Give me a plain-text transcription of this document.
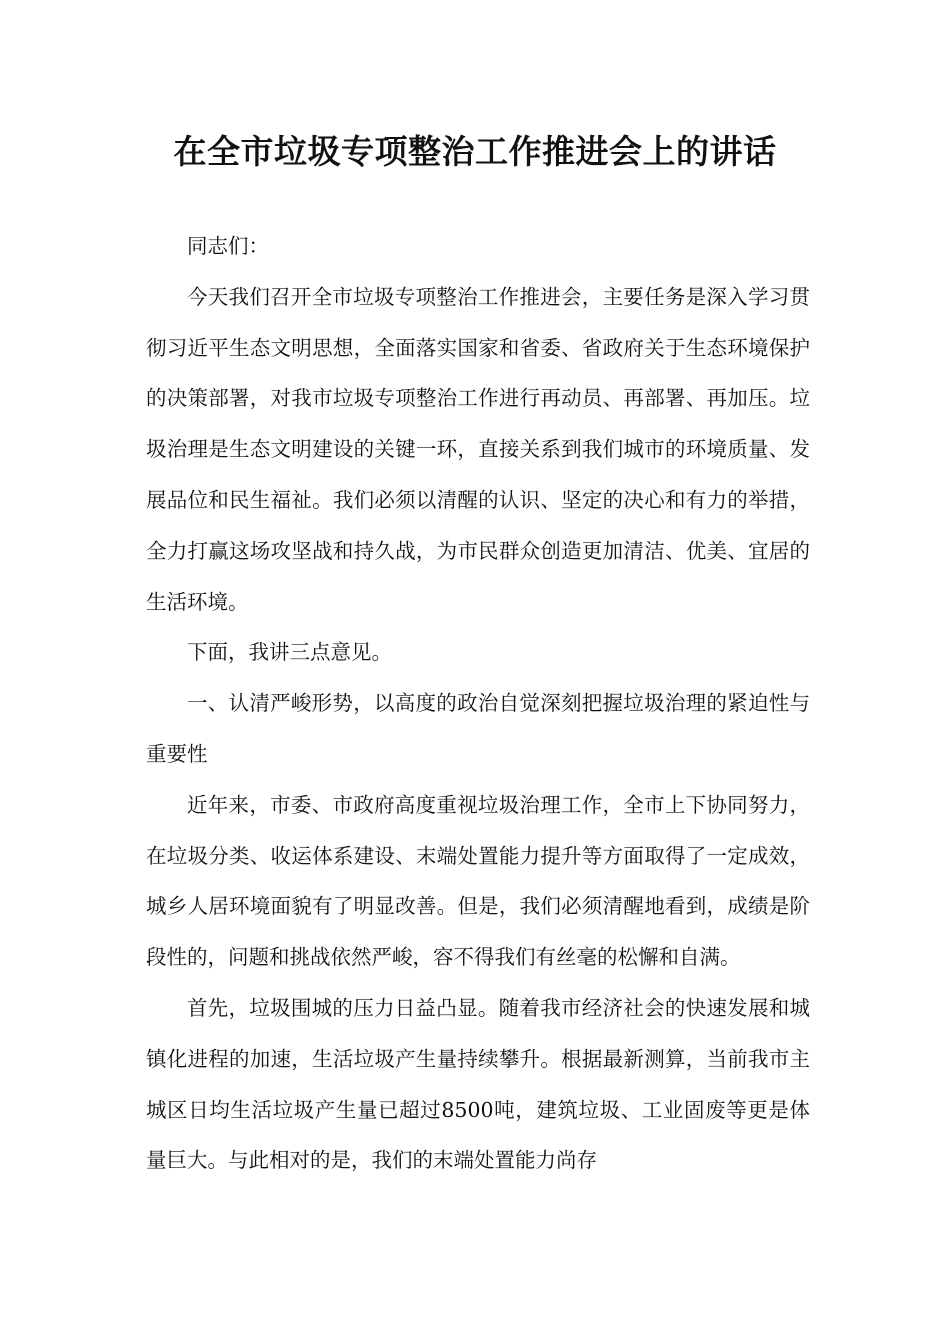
在全市垃圾专项整治工作推进会上的讲话

同志们：

今天我们召开全市垃圾专项整治工作推进会，主要任务是深入学习贯彻习近平生态文明思想，全面落实国家和省委、省政府关于生态环境保护的决策部署，对我市垃圾专项整治工作进行再动员、再部署、再加压。垃圾治理是生态文明建设的关键一环，直接关系到我们城市的环境质量、发展品位和民生福祉。我们必须以清醒的认识、坚定的决心和有力的举措，全力打赢这场攻坚战和持久战，为市民群众创造更加清洁、优美、宜居的生活环境。

下面，我讲三点意见。

一、认清严峻形势，以高度的政治自觉深刻把握垃圾治理的紧迫性与重要性

近年来，市委、市政府高度重视垃圾治理工作，全市上下协同努力，在垃圾分类、收运体系建设、末端处置能力提升等方面取得了一定成效，城乡人居环境面貌有了明显改善。但是，我们必须清醒地看到，成绩是阶段性的，问题和挑战依然严峻，容不得我们有丝毫的松懈和自满。

首先，垃圾围城的压力日益凸显。随着我市经济社会的快速发展和城镇化进程的加速，生活垃圾产生量持续攀升。根据最新测算，当前我市主城区日均生活垃圾产生量已超过8500吨，建筑垃圾、工业固废等更是体量巨大。与此相对的是，我们的末端处置能力尚存
